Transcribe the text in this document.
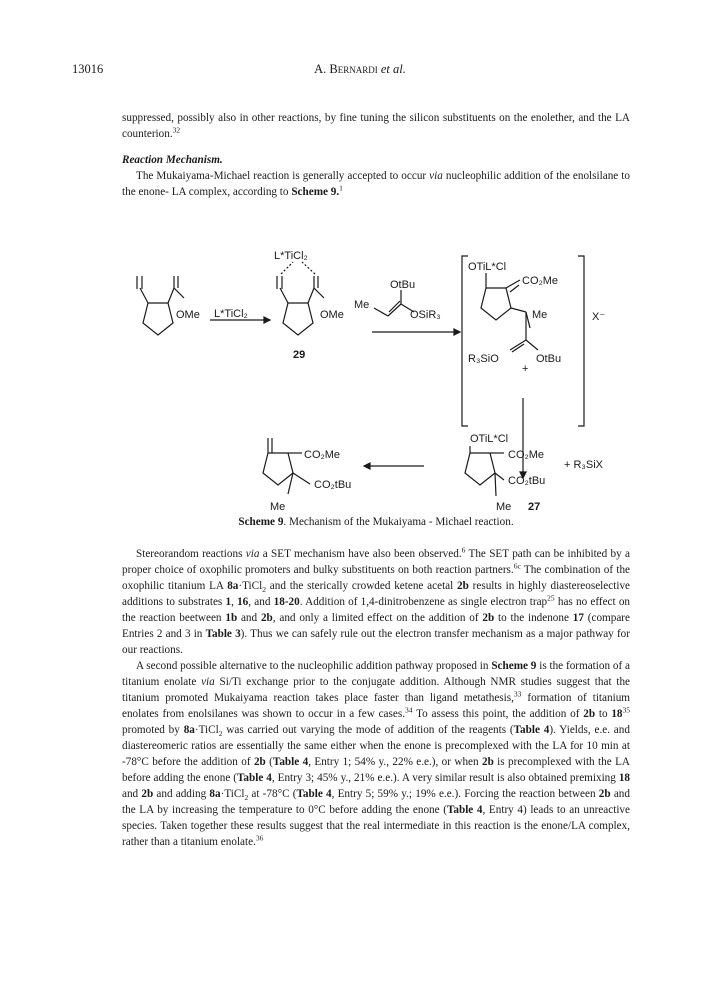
13016	A. Bernardi et al.

suppressed, possibly also in other reactions, by fine tuning the silicon substituents on the enolether, and the LA counterion.$^{32}$

Reaction Mechanism.

The Mukaiyama-Michael reaction is generally accepted to occur via nucleophilic addition of the enolsilane to the enone- LA complex, according to Scheme 9.$^1$

OMe L*TiCl₂
L*TiCl₂
OMe
29
Me
OtBu
OSiR₃
OTiL*Cl
CO₂Me
Me	X⁻
R₃SiO	OtBu
+
OTiL*Cl
CO₂Me
CO₂tBu
Me 27
+ R₃SiX
CO₂Me
CO₂tBu
Me
Scheme 9. Mechanism of the Mukaiyama - Michael reaction.

Stereorandom reactions via a SET mechanism have also been observed.$^6$ The SET path can be inhibited by a proper choice of oxophilic promoters and bulky substituents on both reaction partners.$^{6c}$ The combination of the oxophilic titanium LA 8a·TiCl$_2$ and the sterically crowded ketene acetal 2b results in highly diastereoselective additions to substrates 1, 16, and 18-20. Addition of 1,4-dinitrobenzene as single electron trap$^{25}$ has no effect on the reaction beetween 1b and 2b, and only a limited effect on the addition of 2b to the indenone 17 (compare Entries 2 and 3 in Table 3). Thus we can safely rule out the electron transfer mechanism as a major pathway for our reactions.

A second possible alternative to the nucleophilic addition pathway proposed in Scheme 9 is the formation of a titanium enolate via Si/Ti exchange prior to the conjugate addition. Although NMR studies suggest that the titanium promoted Mukaiyama reaction takes place faster than ligand metathesis,$^{33}$ formation of titanium enolates from enolsilanes was shown to occur in a few cases.$^{34}$ To assess this point, the addition of 2b to $18^{35}$ promoted by 8a·TiCl$_2$ was carried out varying the mode of addition of the reagents (Table 4). Yields, e.e. and diastereomeric ratios are essentially the same either when the enone is precomplexed with the LA for 10 min at -78°C before the addition of 2b (Table 4, Entry 1; 54% y., 22% e.e.), or when 2b is precomplexed with the LA before adding the enone (Table 4, Entry 3; 45% y., 21% e.e.). A very similar result is also obtained premixing 18 and 2b and adding 8a·TiCl$_2$ at -78°C (Table 4, Entry 5; 59% y.; 19% e.e.). Forcing the reaction between 2b and the LA by increasing the temperature to 0°C before adding the enone (Table 4, Entry 4) leads to an unreactive species. Taken together these results suggest that the real intermediate in this reaction is the enone/LA complex, rather than a titanium enolate.$^{36}$
